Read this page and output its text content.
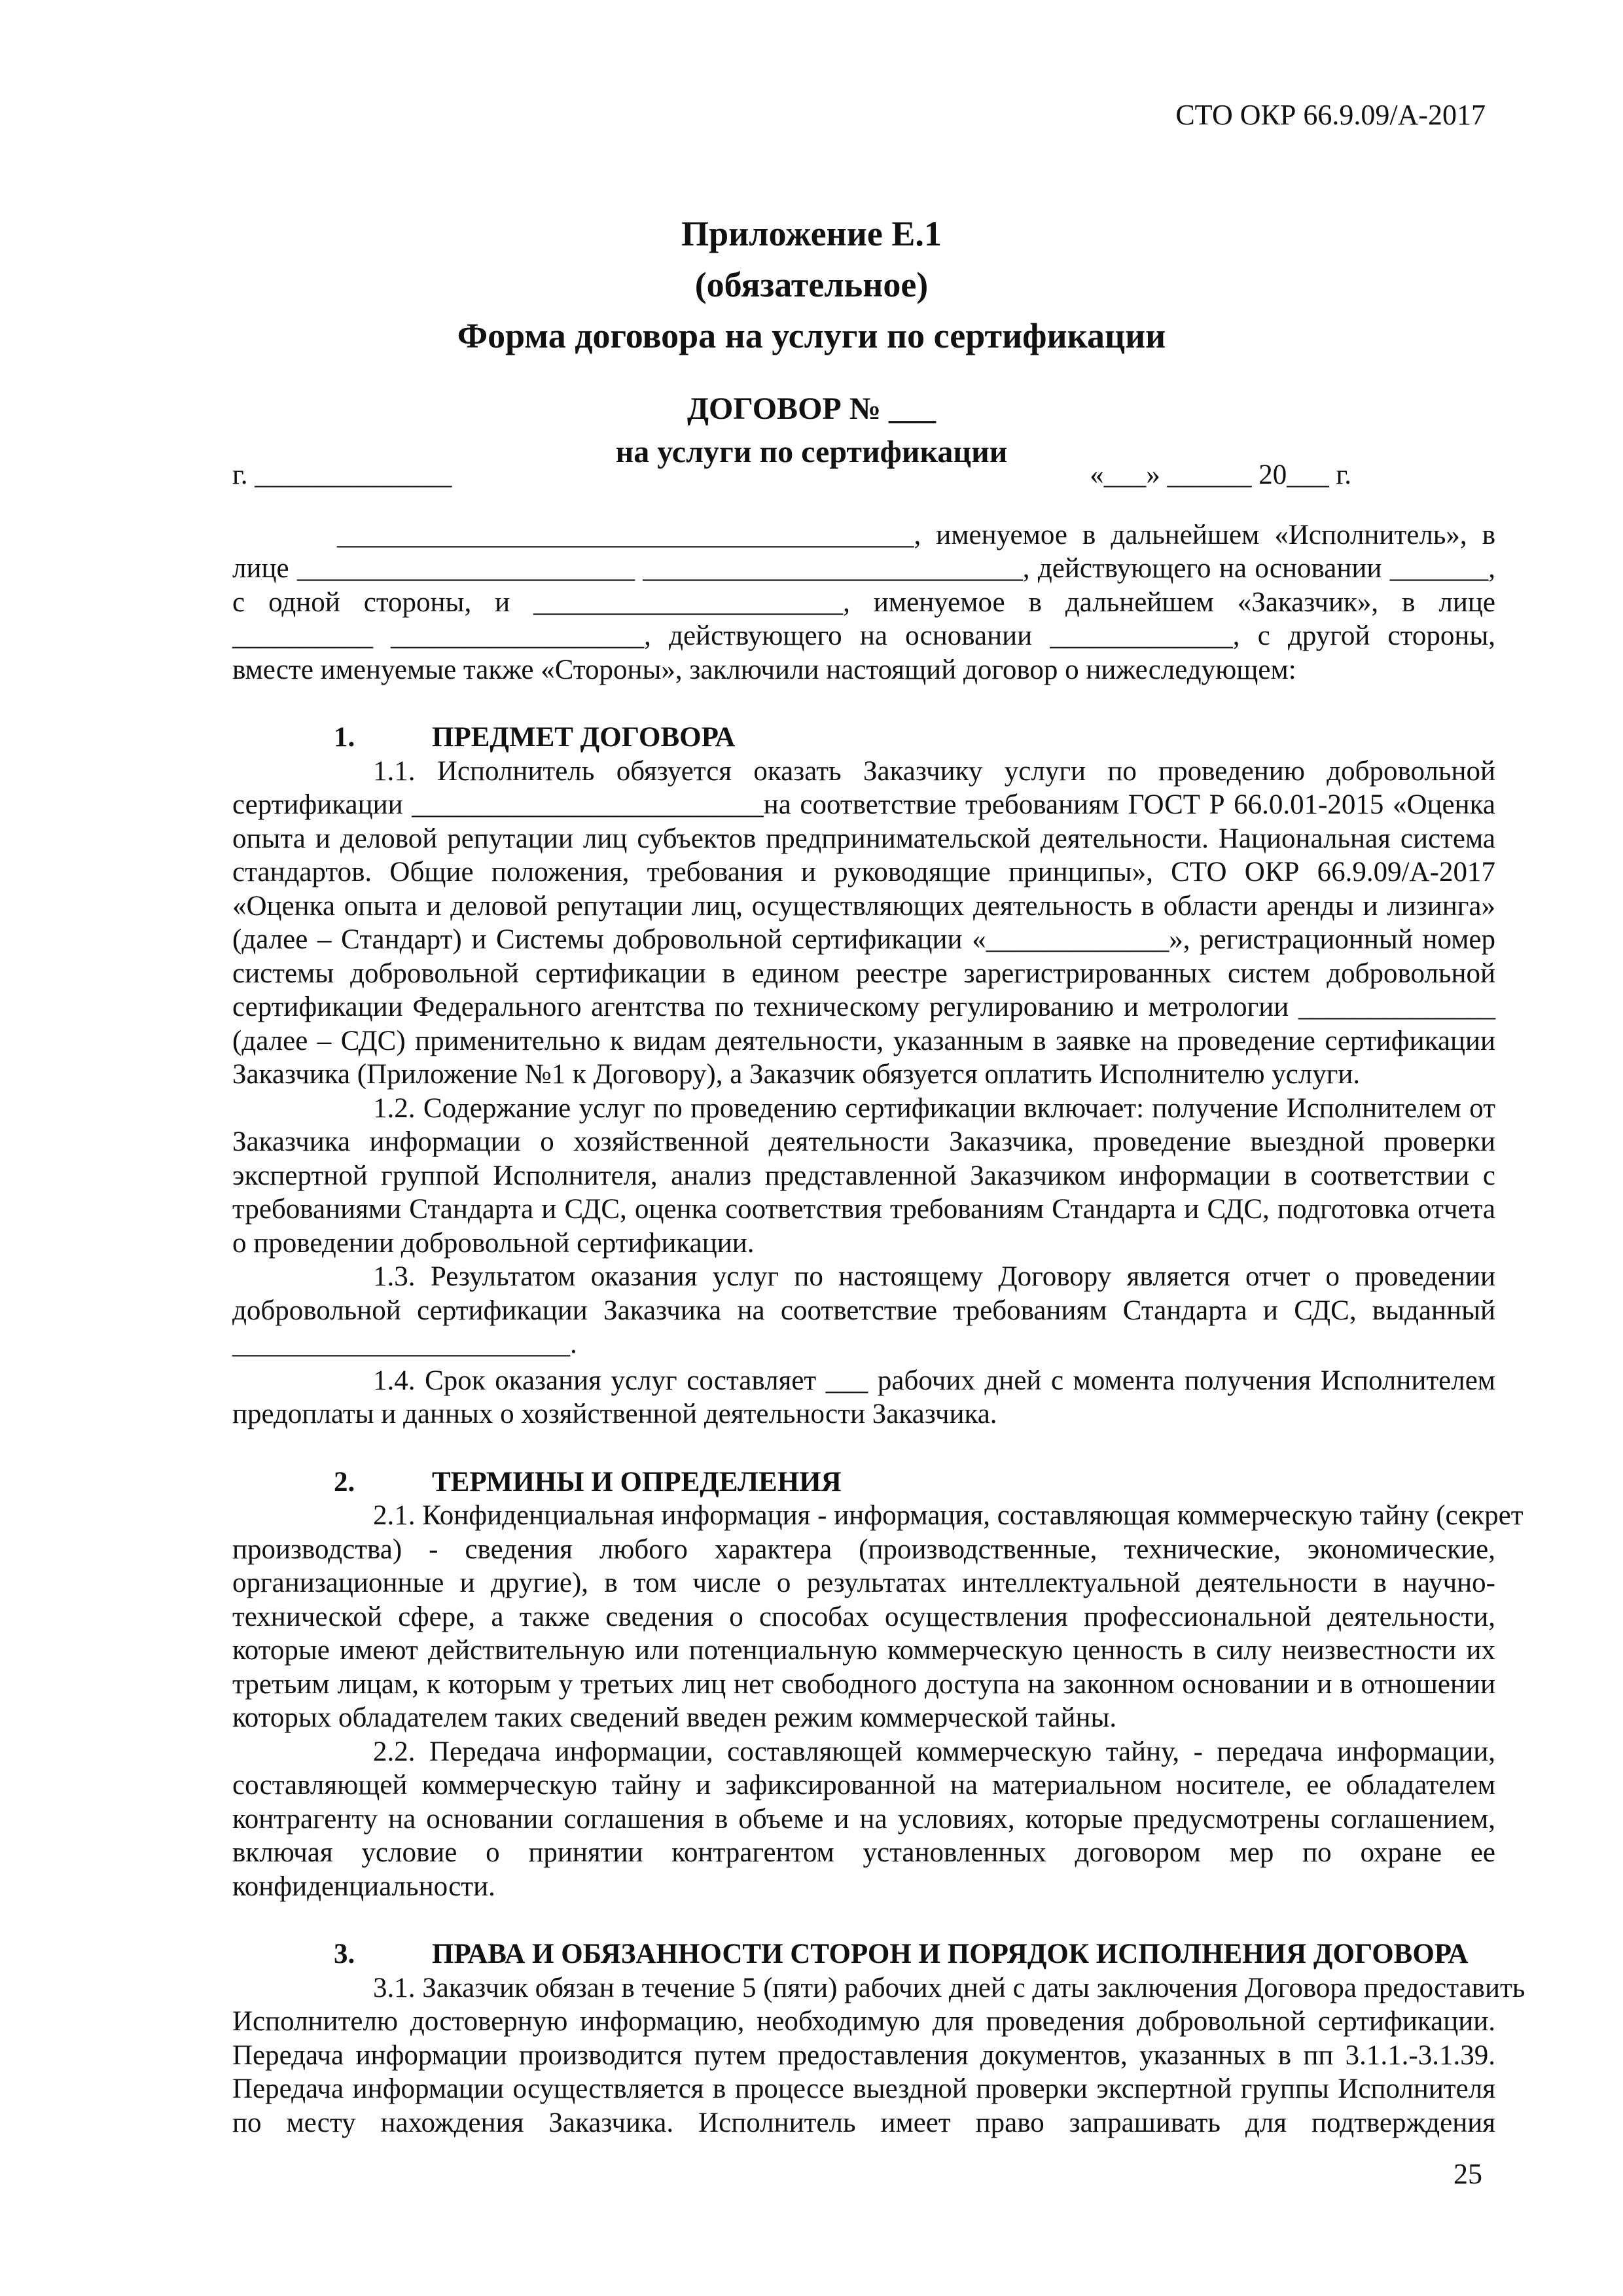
СТО ОКР 66.9.09/А-2017
Приложение Е.1
(обязательное)
Форма договора на услуги по сертификации
ДОГОВОР № ___
на услуги по сертификации
г. ______________	«___» ______ 20___ г.
_________________________________________, именуемое в дальнейшем «Исполнитель», в
лице ________________________ ___________________________, действующего на основании _______,
с одной стороны, и ______________________, именуемое в дальнейшем «Заказчик», в лице
__________ __________________, действующего на основании _____________, с другой стороны,
вместе именуемые также «Стороны», заключили настоящий договор о нижеследующем:
1.	ПРЕДМЕТ ДОГОВОРА
1.1. Исполнитель обязуется оказать Заказчику услуги по проведению добровольной
сертификации _________________________на соответствие требованиям ГОСТ Р 66.0.01-2015 «Оценка
опыта и деловой репутации лиц субъектов предпринимательской деятельности. Национальная система
стандартов. Общие положения, требования и руководящие принципы», СТО ОКР 66.9.09/А-2017
«Оценка опыта и деловой репутации лиц, осуществляющих деятельность в области аренды и лизинга»
(далее – Стандарт) и Системы добровольной сертификации «_____________», регистрационный номер
системы добровольной сертификации в едином реестре зарегистрированных систем добровольной
сертификации Федерального агентства по техническому регулированию и метрологии ______________
(далее – СДС) применительно к видам деятельности, указанным в заявке на проведение сертификации
Заказчика (Приложение №1 к Договору), а Заказчик обязуется оплатить Исполнителю услуги.
1.2. Содержание услуг по проведению сертификации включает: получение Исполнителем от
Заказчика информации о хозяйственной деятельности Заказчика, проведение выездной проверки
экспертной группой Исполнителя, анализ представленной Заказчиком информации в соответствии с
требованиями Стандарта и СДС, оценка соответствия требованиям Стандарта и СДС, подготовка отчета
о проведении добровольной сертификации.
1.3. Результатом оказания услуг по настоящему Договору является отчет о проведении
добровольной сертификации Заказчика на соответствие требованиям Стандарта и СДС, выданный
________________________.
1.4. Срок оказания услуг составляет ___ рабочих дней с момента получения Исполнителем
предоплаты и данных о хозяйственной деятельности Заказчика.
2.	ТЕРМИНЫ И ОПРЕДЕЛЕНИЯ
2.1. Конфиденциальная информация - информация, составляющая коммерческую тайну (секрет
производства) - сведения любого характера (производственные, технические, экономические,
организационные и другие), в том числе о результатах интеллектуальной деятельности в научно-
технической сфере, а также сведения о способах осуществления профессиональной деятельности,
которые имеют действительную или потенциальную коммерческую ценность в силу неизвестности их
третьим лицам, к которым у третьих лиц нет свободного доступа на законном основании и в отношении
которых обладателем таких сведений введен режим коммерческой тайны.
2.2. Передача информации, составляющей коммерческую тайну, - передача информации,
составляющей коммерческую тайну и зафиксированной на материальном носителе, ее обладателем
контрагенту на основании соглашения в объеме и на условиях, которые предусмотрены соглашением,
включая условие о принятии контрагентом установленных договором мер по охране ее
конфиденциальности.
3.	ПРАВА И ОБЯЗАННОСТИ СТОРОН И ПОРЯДОК ИСПОЛНЕНИЯ ДОГОВОРА
3.1. Заказчик обязан в течение 5 (пяти) рабочих дней с даты заключения Договора предоставить
Исполнителю достоверную информацию, необходимую для проведения добровольной сертификации.
Передача информации производится путем предоставления документов, указанных в пп 3.1.1.-3.1.39.
Передача информации осуществляется в процессе выездной проверки экспертной группы Исполнителя
по месту нахождения Заказчика. Исполнитель имеет право запрашивать для подтверждения
25
